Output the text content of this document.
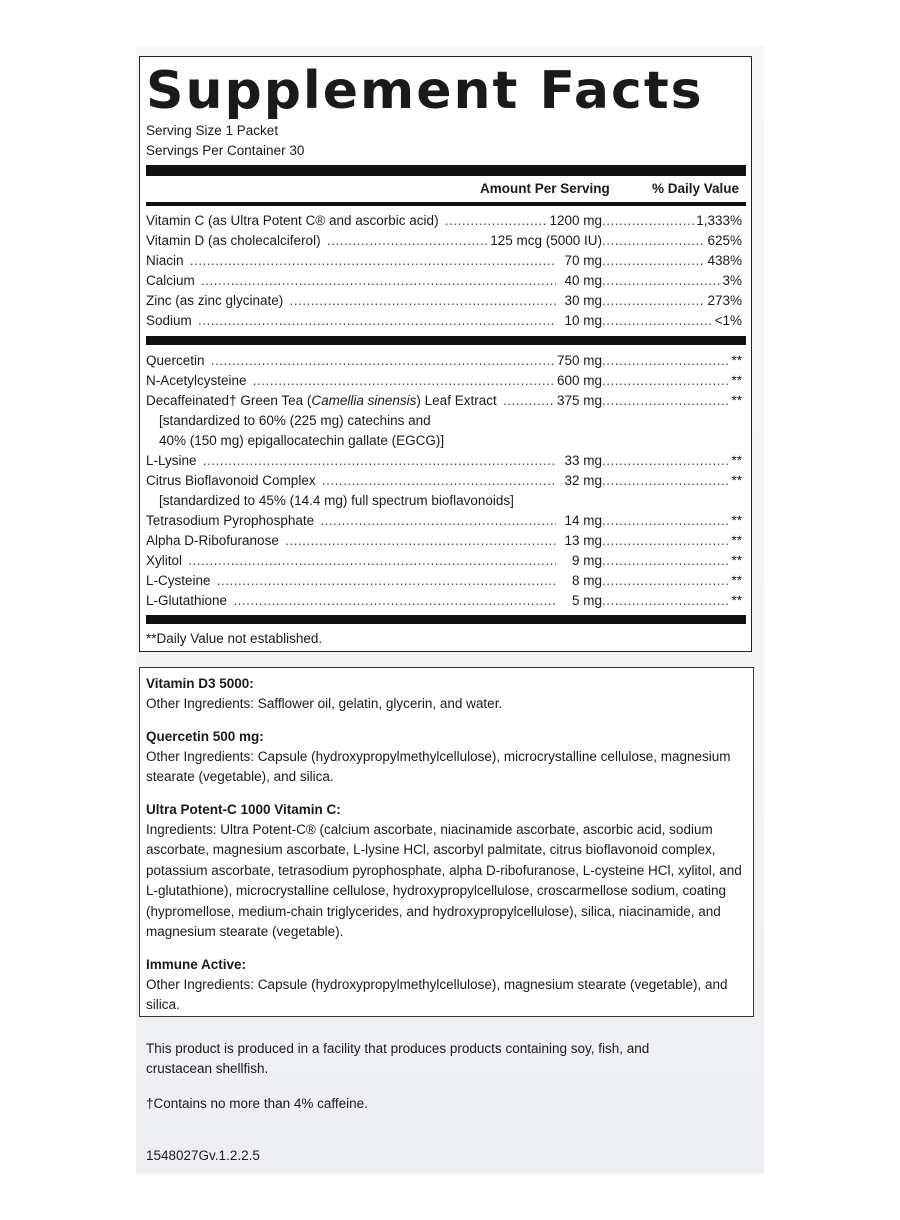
Supplement Facts
Serving Size 1 Packet
Servings Per Container 30
Amount Per Serving	% Daily Value
Vitamin C (as Ultra Potent C® and ascorbic acid) .....	1200 mg	..... 1,333%
Vitamin D (as cholecalciferol) .....	125 mcg (5000 IU)	..... 625%
Niacin .....	70 mg	..... 438%
Calcium .....	40 mg	..... 3%
Zinc (as zinc glycinate) .....	30 mg	..... 273%
Sodium .....	10 mg	..... <1%
Quercetin .....	750 mg	..... **
N-Acetylcysteine .....	600 mg	..... **
Decaffeinated† Green Tea (Camellia sinensis) Leaf Extract .....	375 mg	..... **
L-Lysine .....	33 mg	..... **
Citrus Bioflavonoid Complex .....	32 mg	..... **
Tetrasodium Pyrophosphate .....	14 mg	..... **
Alpha D-Ribofuranose .....	13 mg	..... **
Xylitol .....	9 mg	..... **
L-Cysteine .....	8 mg	..... **
L-Glutathione .....	5 mg	..... **
[standardized to 60% (225 mg) catechins and
40% (150 mg) epigallocatechin gallate (EGCG)]
[standardized to 45% (14.4 mg) full spectrum bioflavonoids]
**Daily Value not established.
Vitamin D3 5000:
Other Ingredients: Safflower oil, gelatin, glycerin, and water.
Quercetin 500 mg:
Other Ingredients: Capsule (hydroxypropylmethylcellulose), microcrystalline cellulose, magnesium stearate (vegetable), and silica.
Ultra Potent-C 1000 Vitamin C:
Ingredients: Ultra Potent-C® (calcium ascorbate, niacinamide ascorbate, ascorbic acid, sodium ascorbate, magnesium ascorbate, L-lysine HCl, ascorbyl palmitate, citrus bioflavonoid complex, potassium ascorbate, tetrasodium pyrophosphate, alpha D-ribofuranose, L-cysteine HCl, xylitol, and L-glutathione), microcrystalline cellulose, hydroxypropylcellulose, croscarmellose sodium, coating (hypromellose, medium-chain triglycerides, and hydroxypropylcellulose), silica, niacinamide, and magnesium stearate (vegetable).
Immune Active:
Other Ingredients: Capsule (hydroxypropylmethylcellulose), magnesium stearate (vegetable), and silica.
This product is produced in a facility that produces products containing soy, fish, and crustacean shellfish.
†Contains no more than 4% caffeine.
1548027Gv.1.2.2.5
